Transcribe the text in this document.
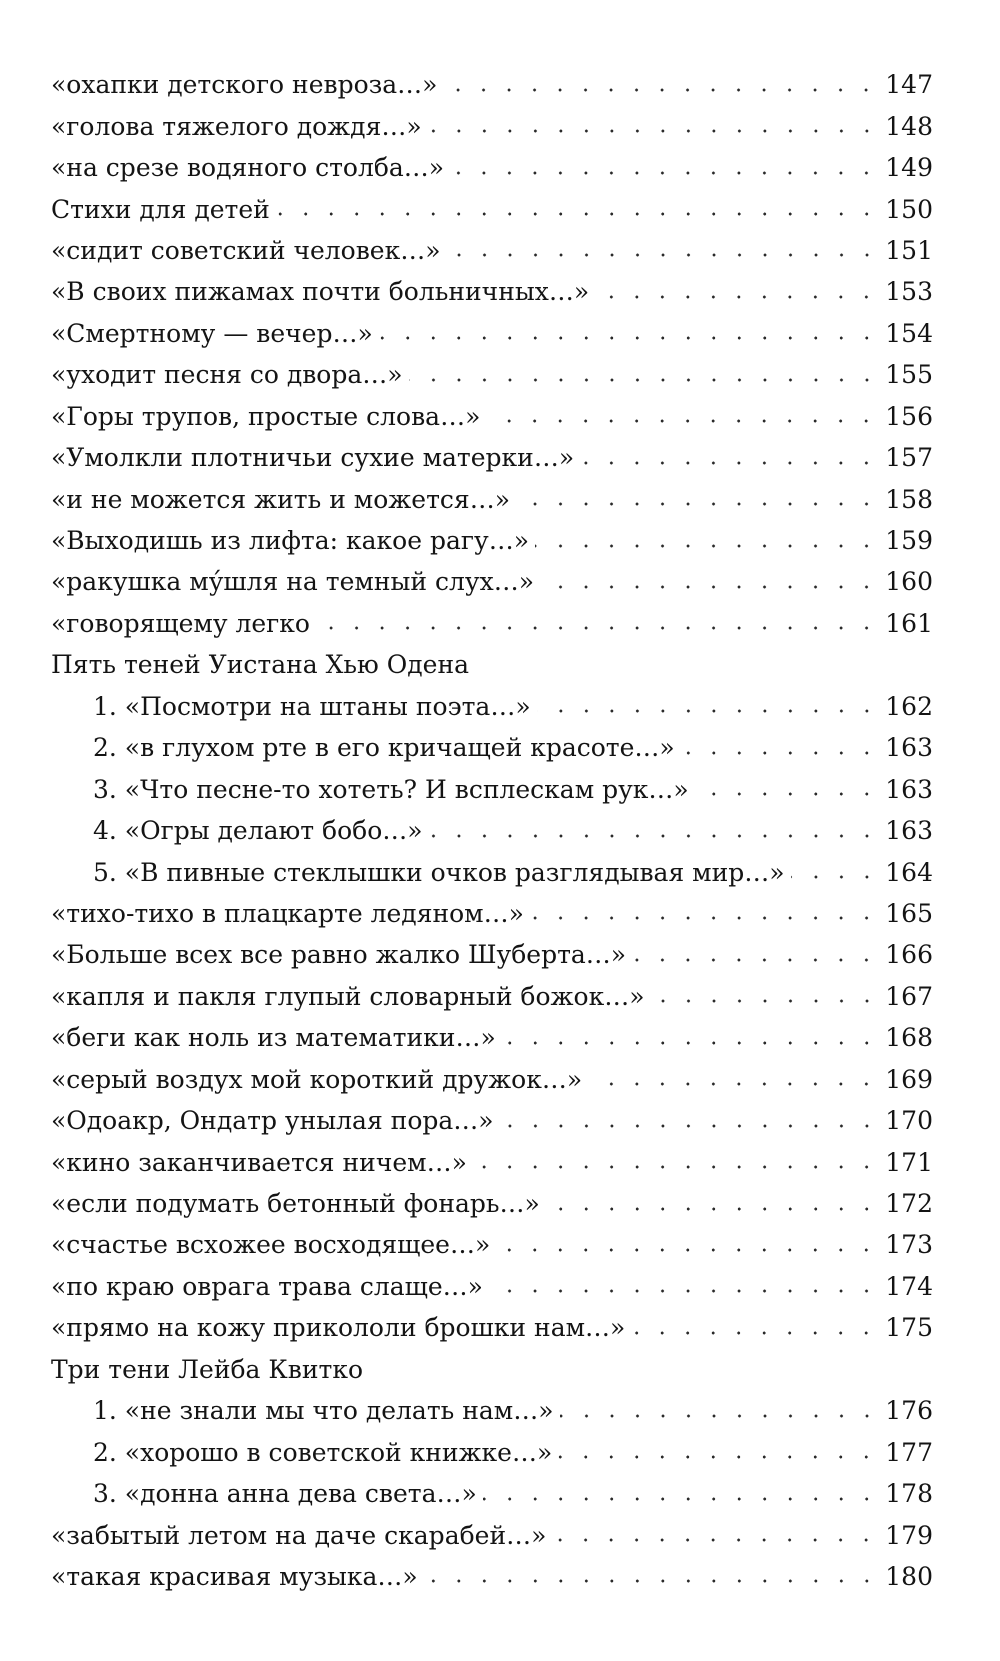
«охапки детского невроза…»	147
«голова тяжелого дождя…»	148
«на срезе водяного столба…»	149
Стихи для детей	150
«сидит советский человек…»	151
«В своих пижамах почти больничных…»	153
«Смертному — вечер…»	154
«уходит песня со двора…»	155
«Горы трупов, простые слова…»	156
«Умолкли плотничьи сухие матерки…»	157
«и не можется жить и можется…»	158
«Выходишь из лифта: какое рагу…»	159
«ракушка му́шля на темный слух…»	160
«говорящему легко	161
Пять теней Уистана Хью Одена
1. «Посмотри на штаны поэта…»	162
2. «в глухом рте в его кричащей красоте…»	163
3. «Что песне-то хотеть? И всплескам рук…»	163
4. «Огры делают бобо…»	163
5. «В пивные стеклышки очков разглядывая мир…»	164
«тихо-тихо в плацкарте ледяном…»	165
«Больше всех все равно жалко Шуберта…»	166
«капля и пакля глупый словарный божок…»	167
«беги как ноль из математики…»	168
«серый воздух мой короткий дружок…»	169
«Одоакр, Ондатр унылая пора…»	170
«кино заканчивается ничем…»	171
«если подумать бетонный фонарь…»	172
«счастье всхожее восходящее…»	173
«по краю оврага трава слаще…»	174
«прямо на кожу прикололи брошки нам…»	175
Три тени Лейба Квитко
1. «не знали мы что делать нам…»	176
2. «хорошо в советской книжке…»	177
3. «донна анна дева света…»	178
«забытый летом на даче скарабей…»	179
«такая красивая музыка…»	180
